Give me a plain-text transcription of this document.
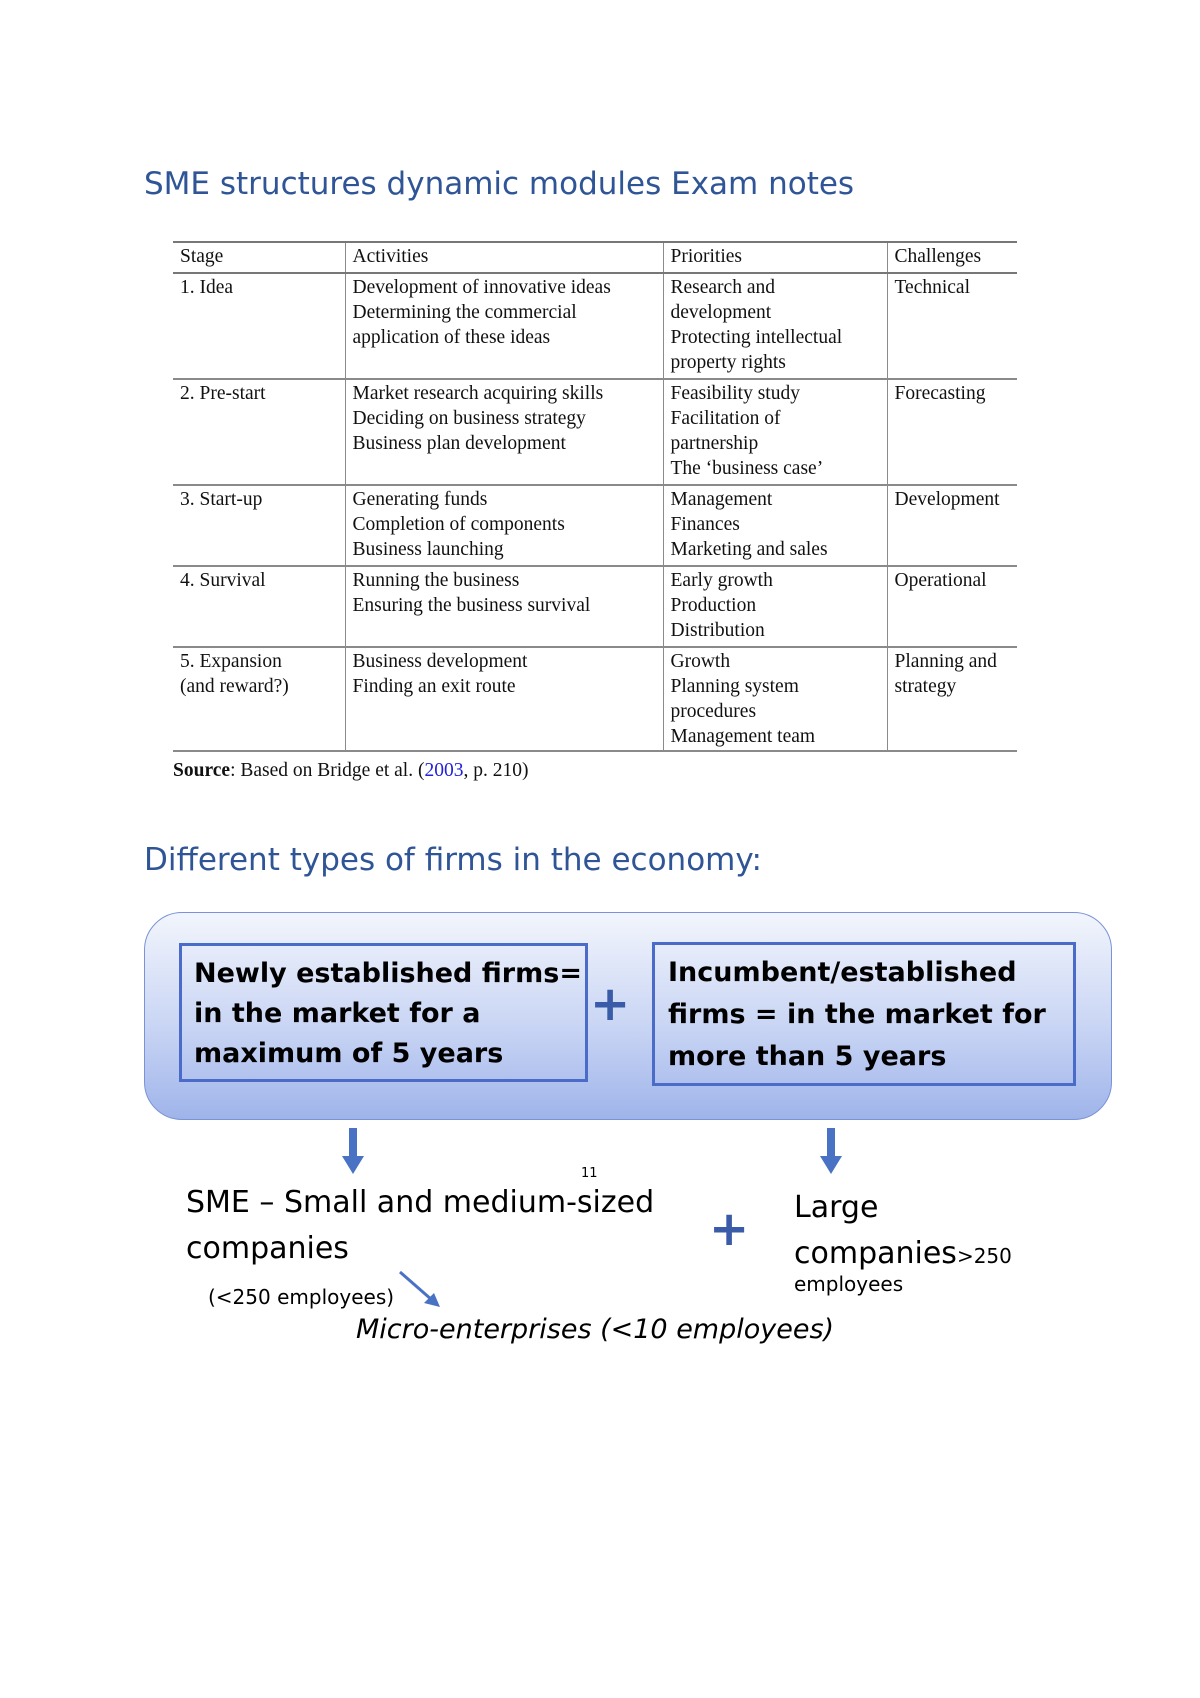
SME structures dynamic modules Exam notes
Stage	Activities	Priorities	Challenges

1. Idea	Development of innovative ideas
Determining the commercial
application of these ideas	Research and
development
Protecting intellectual
property rights	Technical

2. Pre-start	Market research acquiring skills
Deciding on business strategy
Business plan development	Feasibility study
Facilitation of
partnership
The ‘business case’	Forecasting

3. Start-up	Generating funds
Completion of components
Business launching	Management
Finances
Marketing and sales	Development

4. Survival	Running the business
Ensuring the business survival	Early growth
Production
Distribution	Operational

5. Expansion
(and reward?)	Business development
Finding an exit route	Growth
Planning system
procedures
Management team	Planning and
strategy
Source: Based on Bridge et al. (2003, p. 210)
Different types of firms in the economy:
Newly established firms=
in the market for a
maximum of 5 years
+
Incumbent/established
firms = in the market for
more than 5 years
11
SME – Small and medium-sized
companies
(<250 employees)
+ Large
companies>250
employees
Micro-enterprises (<10 employees)
